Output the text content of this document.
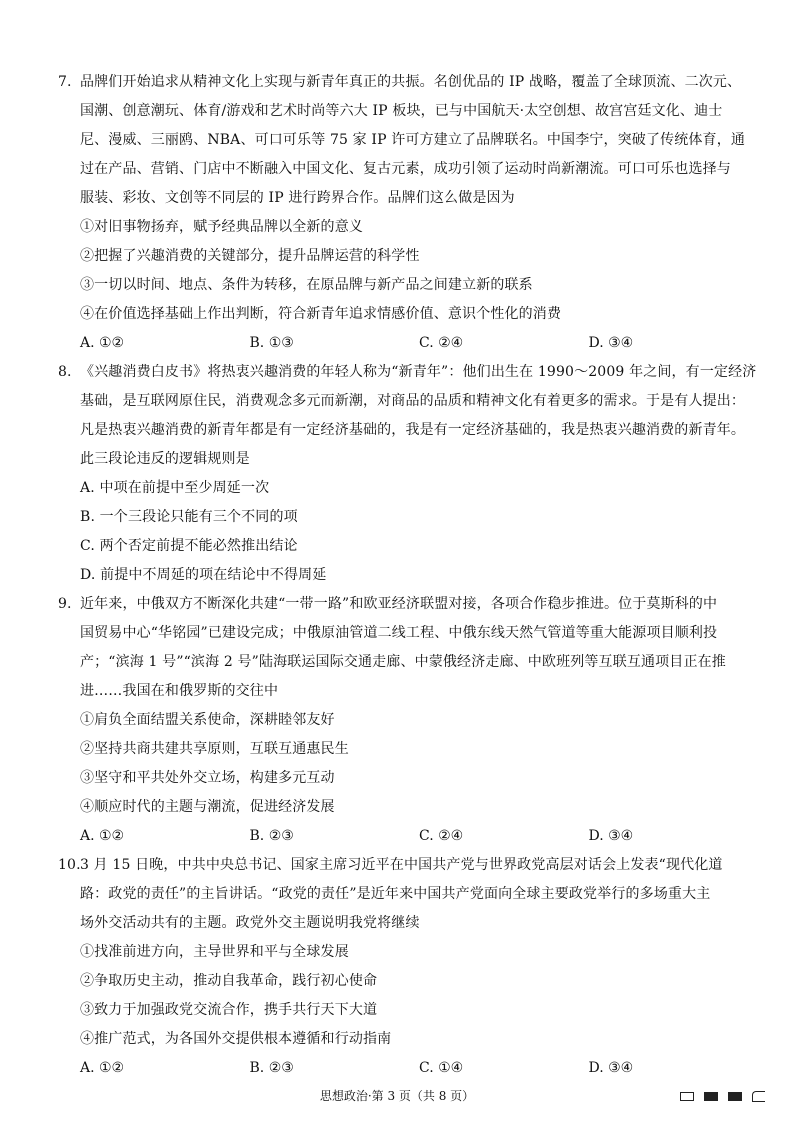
7. 品牌们开始追求从精神文化上实现与新青年真正的共振。名创优品的 IP 战略，覆盖了全球顶流、二次元、
国潮、创意潮玩、体育/游戏和艺术时尚等六大 IP 板块，已与中国航天·太空创想、故宫宫廷文化、迪士
尼、漫威、三丽鸥、NBA、可口可乐等 75 家 IP 许可方建立了品牌联名。中国李宁，突破了传统体育，通
过在产品、营销、门店中不断融入中国文化、复古元素，成功引领了运动时尚新潮流。可口可乐也选择与
服装、彩妆、文创等不同层的 IP 进行跨界合作。品牌们这么做是因为
①对旧事物扬弃，赋予经典品牌以全新的意义
②把握了兴趣消费的关键部分，提升品牌运营的科学性
③一切以时间、地点、条件为转移，在原品牌与新产品之间建立新的联系
④在价值选择基础上作出判断，符合新青年追求情感价值、意识个性化的消费
A. ①②	B. ①③	C. ②④	D. ③④
8. 《兴趣消费白皮书》将热衷兴趣消费的年轻人称为“新青年”：他们出生在 1990～2009 年之间，有一定经济
基础，是互联网原住民，消费观念多元而新潮，对商品的品质和精神文化有着更多的需求。于是有人提出：
凡是热衷兴趣消费的新青年都是有一定经济基础的，我是有一定经济基础的，我是热衷兴趣消费的新青年。
此三段论违反的逻辑规则是
A. 中项在前提中至少周延一次
B. 一个三段论只能有三个不同的项
C. 两个否定前提不能必然推出结论
D. 前提中不周延的项在结论中不得周延
9. 近年来，中俄双方不断深化共建“一带一路”和欧亚经济联盟对接，各项合作稳步推进。位于莫斯科的中
国贸易中心“华铭园”已建设完成；中俄原油管道二线工程、中俄东线天然气管道等重大能源项目顺利投
产；“滨海 1 号”“滨海 2 号”陆海联运国际交通走廊、中蒙俄经济走廊、中欧班列等互联互通项目正在推
进……我国在和俄罗斯的交往中
①肩负全面结盟关系使命，深耕睦邻友好
②坚持共商共建共享原则，互联互通惠民生
③坚守和平共处外交立场，构建多元互动
④顺应时代的主题与潮流，促进经济发展
A. ①②	B. ②③	C. ②④	D. ③④
10.3 月 15 日晚，中共中央总书记、国家主席习近平在中国共产党与世界政党高层对话会上发表“现代化道
路：政党的责任”的主旨讲话。“政党的责任”是近年来中国共产党面向全球主要政党举行的多场重大主
场外交活动共有的主题。政党外交主题说明我党将继续
①找准前进方向，主导世界和平与全球发展
②争取历史主动，推动自我革命，践行初心使命
③致力于加强政党交流合作，携手共行天下大道
④推广范式，为各国外交提供根本遵循和行动指南
A. ①②	B. ②③	C. ①④	D. ③④
思想政治·第 3 页（共 8 页）
